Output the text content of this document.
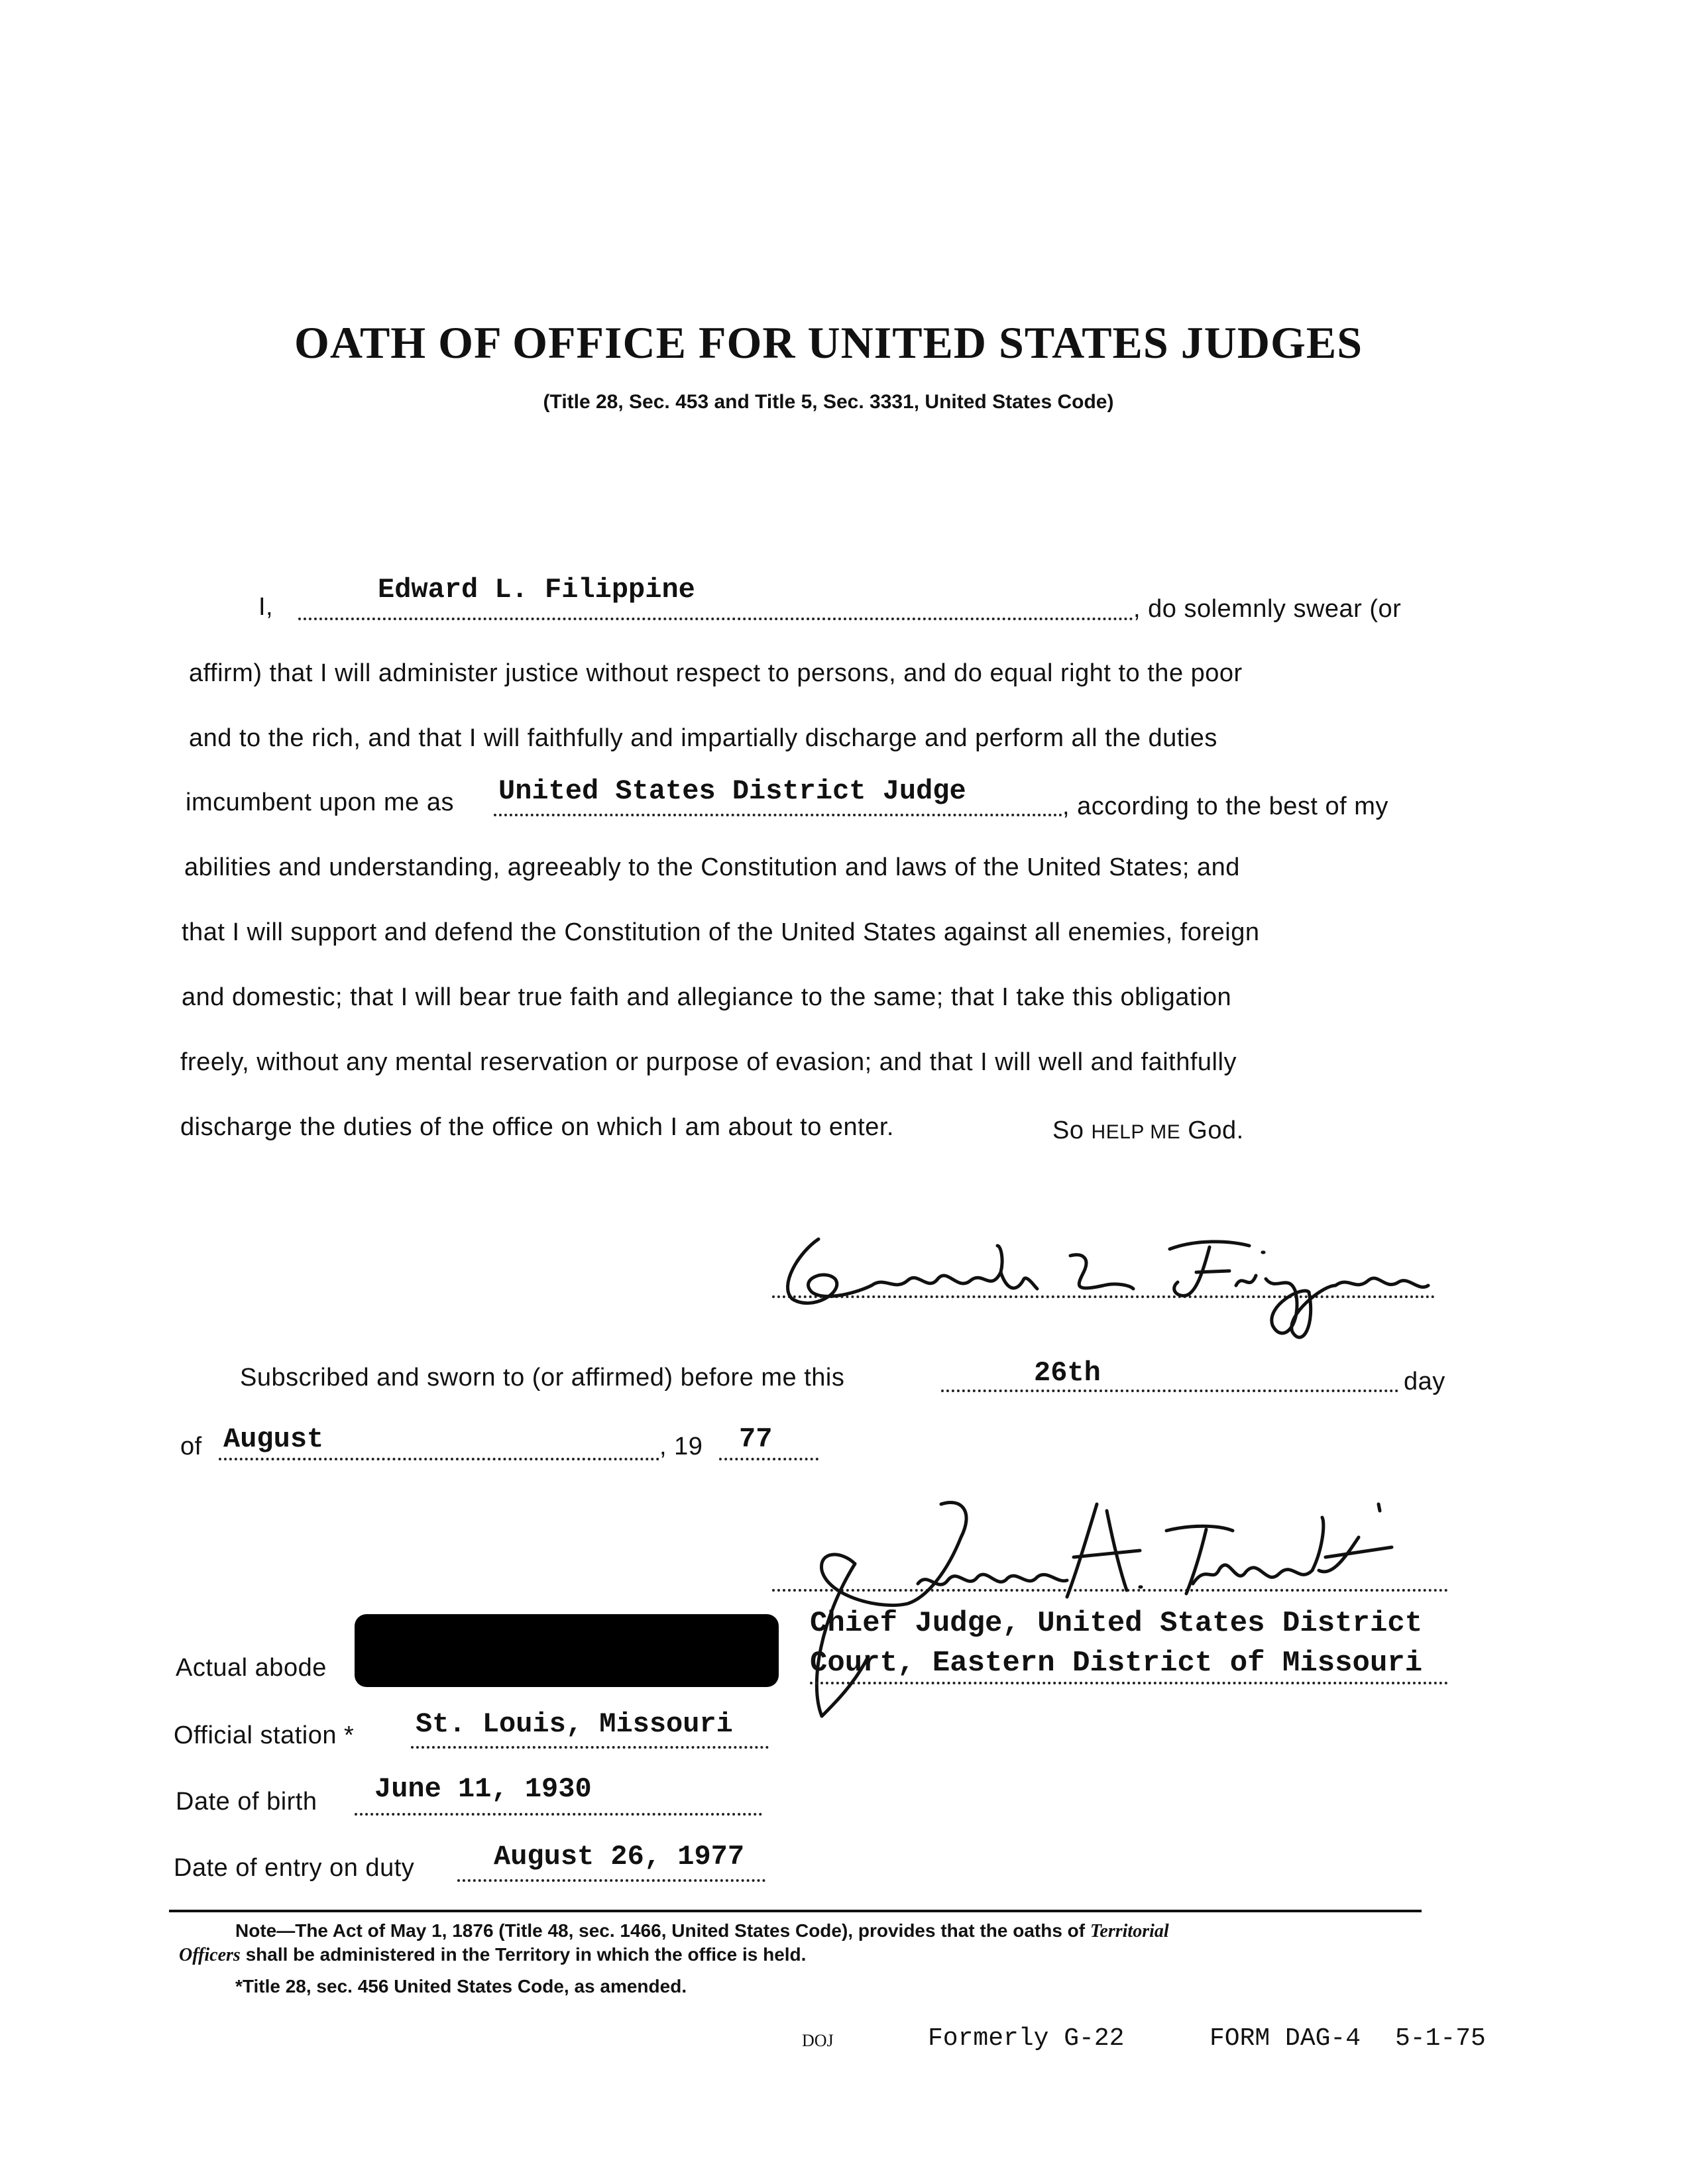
OATH OF OFFICE FOR UNITED STATES JUDGES
(Title 28, Sec. 453 and Title 5, Sec. 3331, United States Code)
I,
Edward L. Filippine
, do solemnly swear (or
affirm) that I will administer justice without respect to persons, and do equal right to the poor
and to the rich, and that I will faithfully and impartially discharge and perform all the duties
imcumbent upon me as United States District Judge	, according to the best of my
abilities and understanding, agreeably to the Constitution and laws of the United States; and
that I will support and defend the Constitution of the United States against all enemies, foreign
and domestic; that I will bear true faith and allegiance to the same; that I take this obligation
freely, without any mental reservation or purpose of evasion; and that I will well and faithfully
discharge the duties of the office on which I am about to enter.	So HELP ME God.
Subscribed and sworn to (or affirmed) before me this	26th	day
of August	, 19 77
Chief Judge, United States District
Court, Eastern District of Missouri
Actual abode
Official station * St. Louis, Missouri
Date of birth June 11, 1930
Date of entry on duty	August 26, 1977
Note—The Act of May 1, 1876 (Title 48, sec. 1466, United States Code), provides that the oaths of Territorial
Officers shall be administered in the Territory in which the office is held.
*Title 28, sec. 456 United States Code, as amended.
DOJ	Formerly G-22	FORM DAG-4 5-1-75
